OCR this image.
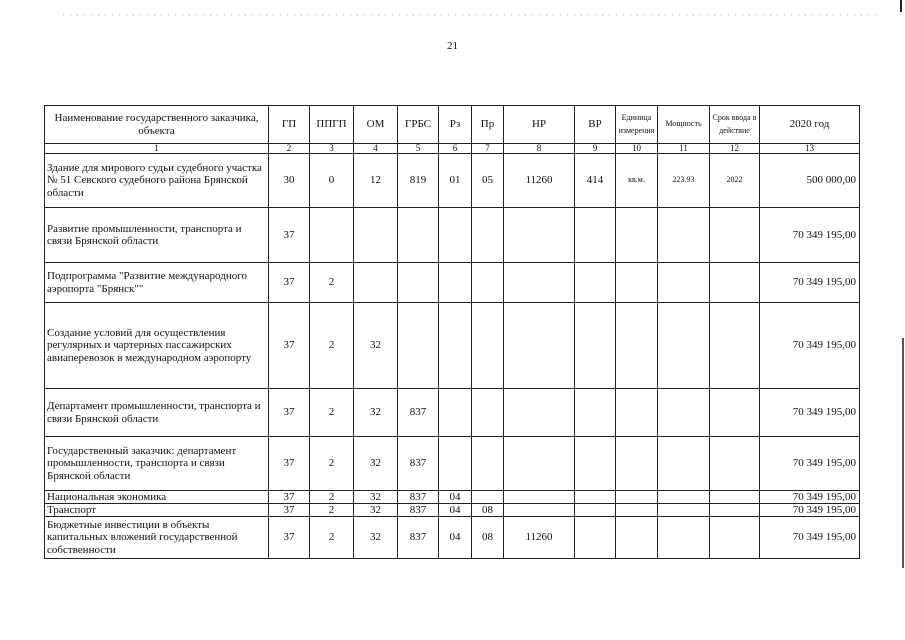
21
Наименование государственного заказчика, объекта	ГП	ППГП	ОМ	ГРБС	Рз	Пр	НР	ВР	Единица измерения	Мощность	Срок ввода в действие	2020 год
1	2	3	4	5	6	7	8	9	10	11	12	13
Здание для мирового судьи судебного участка № 51 Севского судебного района Брянской области	30	0	12	819	01	05	11260	414	кв.м.	223.93	2022	500 000,00
Развитие промышленности, транспорта и связи Брянской области	37											70 349 195,00
Подпрограмма "Развитие международного аэропорта "Брянск""	37	2										70 349 195,00
Создание условий для осуществления регулярных и чартерных пассажирских авиаперевозок в международном аэропорту	37	2	32									70 349 195,00
Департамент промышленности, транспорта и связи Брянской области	37	2	32	837								70 349 195,00
Государственный заказчик: департамент промышленности, транспорта и связи Брянской области	37	2	32	837								70 349 195,00
Национальная экономика	37	2	32	837	04							70 349 195,00
Транспорт	37	2	32	837	04	08						70 349 195,00
Бюджетные инвестиции в объекты капитальных вложений государственной собственности	37	2	32	837	04	08	11260					70 349 195,00
